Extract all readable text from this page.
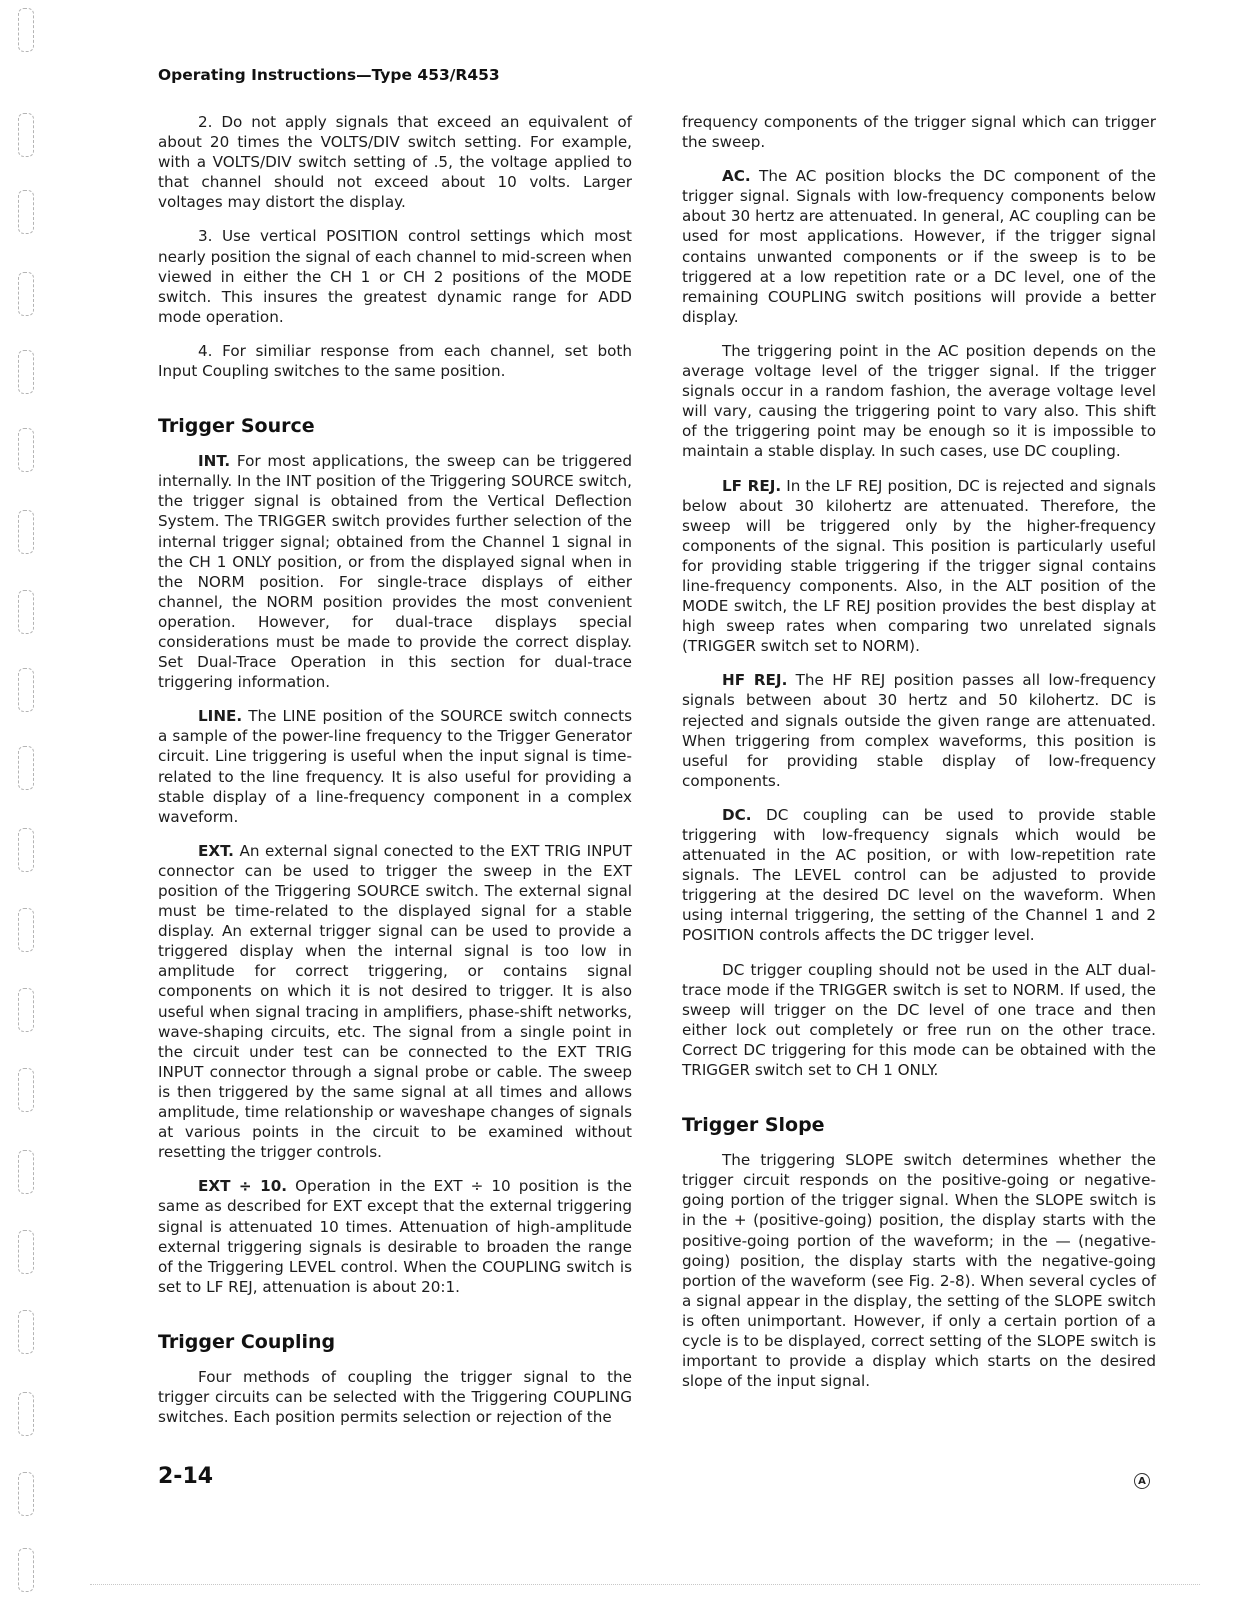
Operating Instructions—Type 453/R453

2. Do not apply signals that exceed an equivalent of about 20 times the VOLTS/DIV switch setting. For example, with a VOLTS/DIV switch setting of .5, the voltage applied to that channel should not exceed about 10 volts. Larger voltages may distort the display.

3. Use vertical POSITION control settings which most nearly position the signal of each channel to mid-screen when viewed in either the CH 1 or CH 2 positions of the MODE switch. This insures the greatest dynamic range for ADD mode operation.

4. For similiar response from each channel, set both Input Coupling switches to the same position.

Trigger Source

INT. For most applications, the sweep can be triggered internally. In the INT position of the Triggering SOURCE switch, the trigger signal is obtained from the Vertical Deflection System. The TRIGGER switch provides further selection of the internal trigger signal; obtained from the Channel 1 signal in the CH 1 ONLY position, or from the displayed signal when in the NORM position. For single-trace displays of either channel, the NORM position provides the most convenient operation. However, for dual-trace displays special considerations must be made to provide the correct display. Set Dual-Trace Operation in this section for dual-trace triggering information.

LINE. The LINE position of the SOURCE switch connects a sample of the power-line frequency to the Trigger Generator circuit. Line triggering is useful when the input signal is time-related to the line frequency. It is also useful for providing a stable display of a line-frequency component in a complex waveform.

EXT. An external signal conected to the EXT TRIG INPUT connector can be used to trigger the sweep in the EXT position of the Triggering SOURCE switch. The external signal must be time-related to the displayed signal for a stable display. An external trigger signal can be used to provide a triggered display when the internal signal is too low in amplitude for correct triggering, or contains signal components on which it is not desired to trigger. It is also useful when signal tracing in amplifiers, phase-shift networks, wave-shaping circuits, etc. The signal from a single point in the circuit under test can be connected to the EXT TRIG INPUT connector through a signal probe or cable. The sweep is then triggered by the same signal at all times and allows amplitude, time relationship or waveshape changes of signals at various points in the circuit to be examined without resetting the trigger controls.

EXT ÷ 10. Operation in the EXT ÷ 10 position is the same as described for EXT except that the external triggering signal is attenuated 10 times. Attenuation of high-amplitude external triggering signals is desirable to broaden the range of the Triggering LEVEL control. When the COUPLING switch is set to LF REJ, attenuation is about 20:1.

Trigger Coupling

Four methods of coupling the trigger signal to the trigger circuits can be selected with the Triggering COUPLING switches. Each position permits selection or rejection of the

frequency components of the trigger signal which can trigger the sweep.

AC. The AC position blocks the DC component of the trigger signal. Signals with low-frequency components below about 30 hertz are attenuated. In general, AC coupling can be used for most applications. However, if the trigger signal contains unwanted components or if the sweep is to be triggered at a low repetition rate or a DC level, one of the remaining COUPLING switch positions will provide a better display.

The triggering point in the AC position depends on the average voltage level of the trigger signal. If the trigger signals occur in a random fashion, the average voltage level will vary, causing the triggering point to vary also. This shift of the triggering point may be enough so it is impossible to maintain a stable display. In such cases, use DC coupling.

LF REJ. In the LF REJ position, DC is rejected and signals below about 30 kilohertz are attenuated. Therefore, the sweep will be triggered only by the higher-frequency components of the signal. This position is particularly useful for providing stable triggering if the trigger signal contains line-frequency components. Also, in the ALT position of the MODE switch, the LF REJ position provides the best display at high sweep rates when comparing two unrelated signals (TRIGGER switch set to NORM).

HF REJ. The HF REJ position passes all low-frequency signals between about 30 hertz and 50 kilohertz. DC is rejected and signals outside the given range are attenuated. When triggering from complex waveforms, this position is useful for providing stable display of low-frequency components.

DC. DC coupling can be used to provide stable triggering with low-frequency signals which would be attenuated in the AC position, or with low-repetition rate signals. The LEVEL control can be adjusted to provide triggering at the desired DC level on the waveform. When using internal triggering, the setting of the Channel 1 and 2 POSITION controls affects the DC trigger level.

DC trigger coupling should not be used in the ALT dual-trace mode if the TRIGGER switch is set to NORM. If used, the sweep will trigger on the DC level of one trace and then either lock out completely or free run on the other trace. Correct DC triggering for this mode can be obtained with the TRIGGER switch set to CH 1 ONLY.

Trigger Slope

The triggering SLOPE switch determines whether the trigger circuit responds on the positive-going or negative-going portion of the trigger signal. When the SLOPE switch is in the + (positive-going) position, the display starts with the positive-going portion of the waveform; in the — (negative-going) position, the display starts with the negative-going portion of the waveform (see Fig. 2-8). When several cycles of a signal appear in the display, the setting of the SLOPE switch is often unimportant. However, if only a certain portion of a cycle is to be displayed, correct setting of the SLOPE switch is important to provide a display which starts on the desired slope of the input signal.

2-14	A
